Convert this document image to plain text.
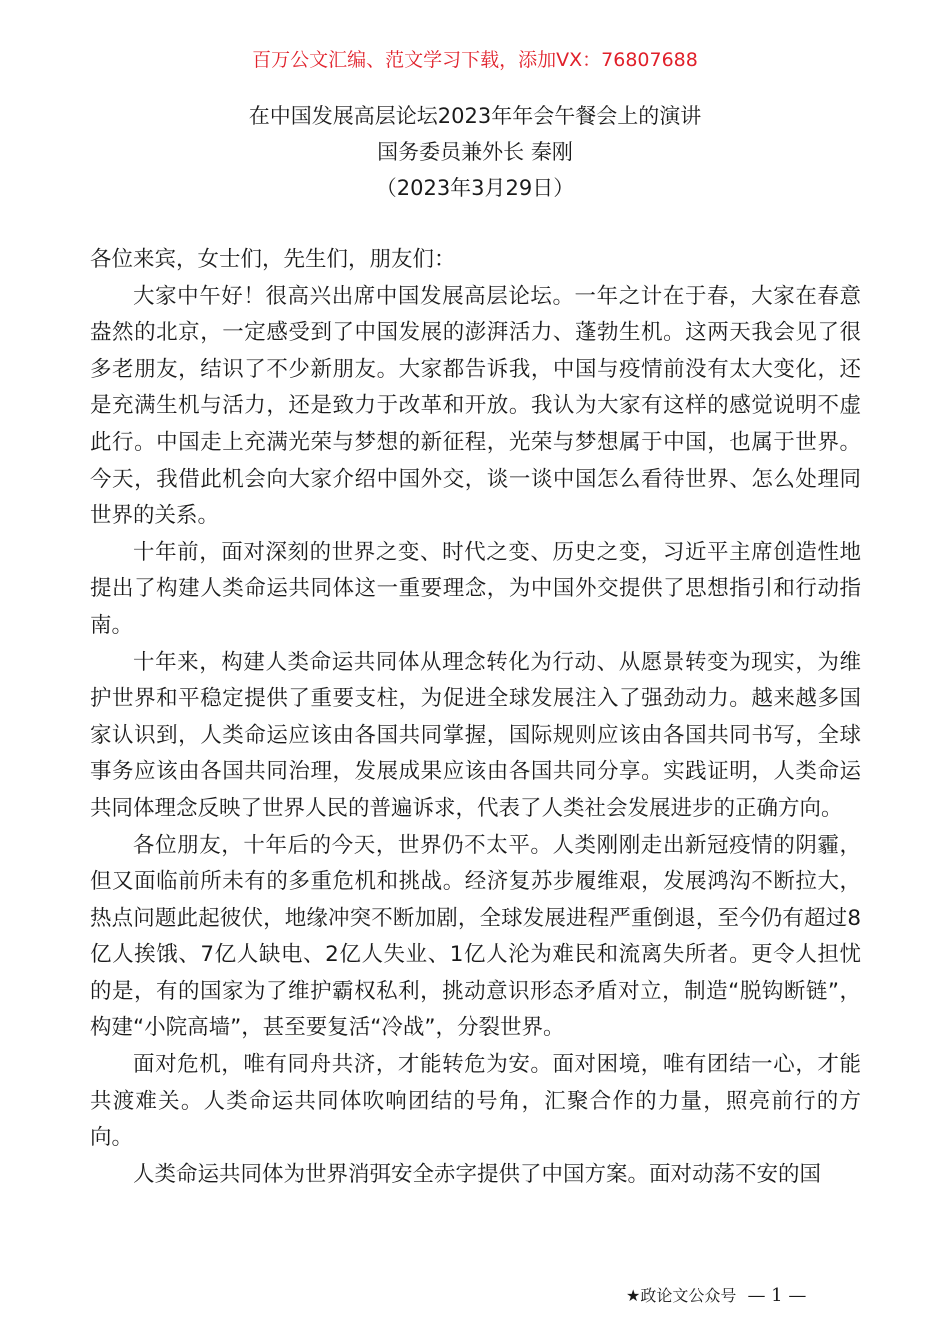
百万公文汇编、范文学习下载，添加VX：76807688
在中国发展高层论坛2023年年会午餐会上的演讲
国务委员兼外长 秦刚
（2023年3月29日）

各位来宾，女士们，先生们，朋友们：

大家中午好！很高兴出席中国发展高层论坛。一年之计在于春，大家在春意盎然的北京，一定感受到了中国发展的澎湃活力、蓬勃生机。这两天我会见了很多老朋友，结识了不少新朋友。大家都告诉我，中国与疫情前没有太大变化，还是充满生机与活力，还是致力于改革和开放。我认为大家有这样的感觉说明不虚此行。中国走上充满光荣与梦想的新征程，光荣与梦想属于中国，也属于世界。今天，我借此机会向大家介绍中国外交，谈一谈中国怎么看待世界、怎么处理同世界的关系。

十年前，面对深刻的世界之变、时代之变、历史之变，习近平主席创造性地提出了构建人类命运共同体这一重要理念，为中国外交提供了思想指引和行动指南。

十年来，构建人类命运共同体从理念转化为行动、从愿景转变为现实，为维护世界和平稳定提供了重要支柱，为促进全球发展注入了强劲动力。越来越多国家认识到，人类命运应该由各国共同掌握，国际规则应该由各国共同书写，全球事务应该由各国共同治理，发展成果应该由各国共同分享。实践证明，人类命运共同体理念反映了世界人民的普遍诉求，代表了人类社会发展进步的正确方向。

各位朋友，十年后的今天，世界仍不太平。人类刚刚走出新冠疫情的阴霾，但又面临前所未有的多重危机和挑战。经济复苏步履维艰，发展鸿沟不断拉大，热点问题此起彼伏，地缘冲突不断加剧，全球发展进程严重倒退，至今仍有超过8亿人挨饿、7亿人缺电、2亿人失业、1亿人沦为难民和流离失所者。更令人担忧的是，有的国家为了维护霸权私利，挑动意识形态矛盾对立，制造“脱钩断链”，构建“小院高墙”，甚至要复活“冷战”，分裂世界。

面对危机，唯有同舟共济，才能转危为安。面对困境，唯有团结一心，才能共渡难关。人类命运共同体吹响团结的号角，汇聚合作的力量，照亮前行的方向。

人类命运共同体为世界消弭安全赤字提供了中国方案。面对动荡不安的国

★政论文公众号 — 1 —
